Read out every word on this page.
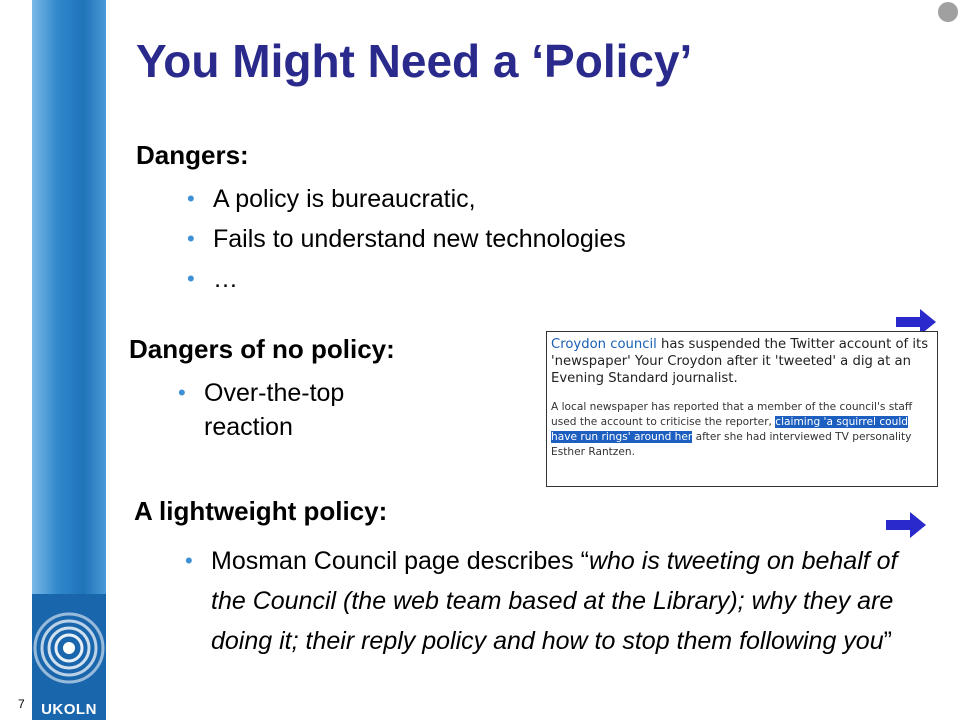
UKOLN
7
You Might Need a ‘Policy’
Dangers:
• A policy is bureaucratic,
• Fails to understand new technologies
• …
Dangers of no policy:
• Over-the-top
reaction

Croydon council has suspended the Twitter account of its 'newspaper' Your Croydon after it 'tweeted' a dig at an Evening Standard journalist.

A local newspaper has reported that a member of the council's staff used the account to criticise the reporter, claiming 'a squirrel could have run rings' around her after she had interviewed TV personality Esther Rantzen.

A lightweight policy:
• Mosman Council page describes “who is tweeting on behalf of the Council (the web team based at the Library); why they are doing it; their reply policy and how to stop them following you”
